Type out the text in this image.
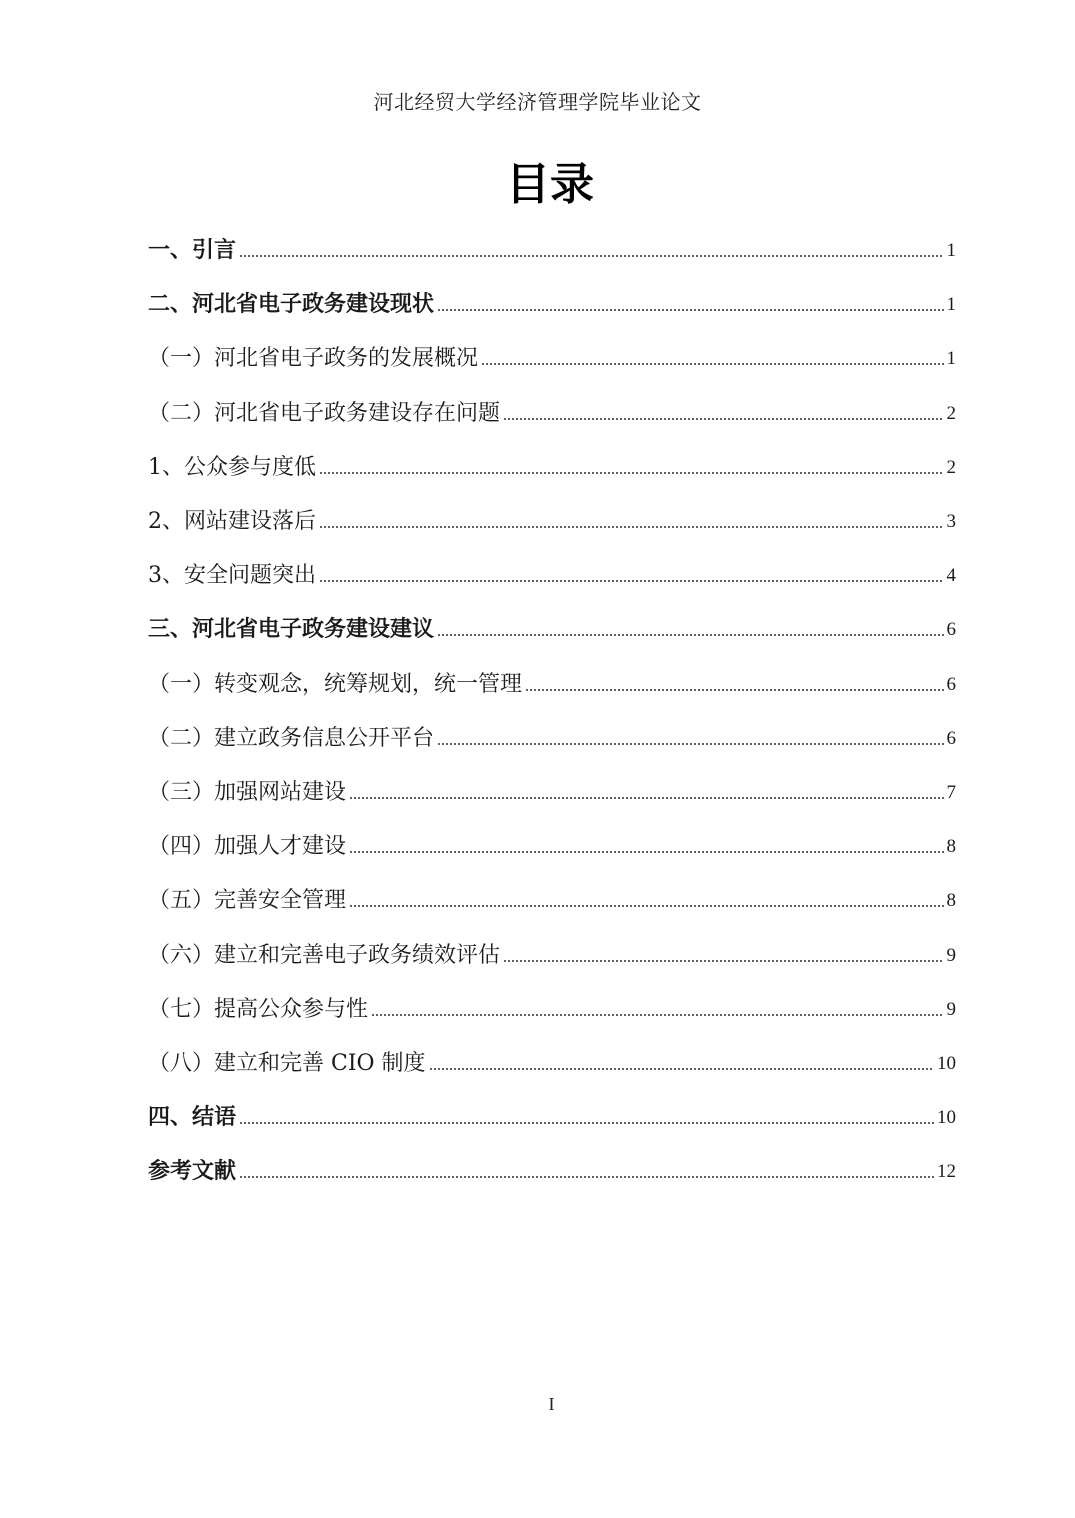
河北经贸大学经济管理学院毕业论文
目录
一、引言	1
二、河北省电子政务建设现状	1
（一）河北省电子政务的发展概况	1
（二）河北省电子政务建设存在问题	2
1、公众参与度低	2
2、网站建设落后	3
3、安全问题突出	4
三、河北省电子政务建设建议	6
（一）转变观念，统筹规划，统一管理	6
（二）建立政务信息公开平台	6
（三）加强网站建设	7
（四）加强人才建设	8
（五）完善安全管理	8
（六）建立和完善电子政务绩效评估	9
（七）提高公众参与性	9
（八）建立和完善 CIO 制度	10
四、结语	10
参考文献	12
I
